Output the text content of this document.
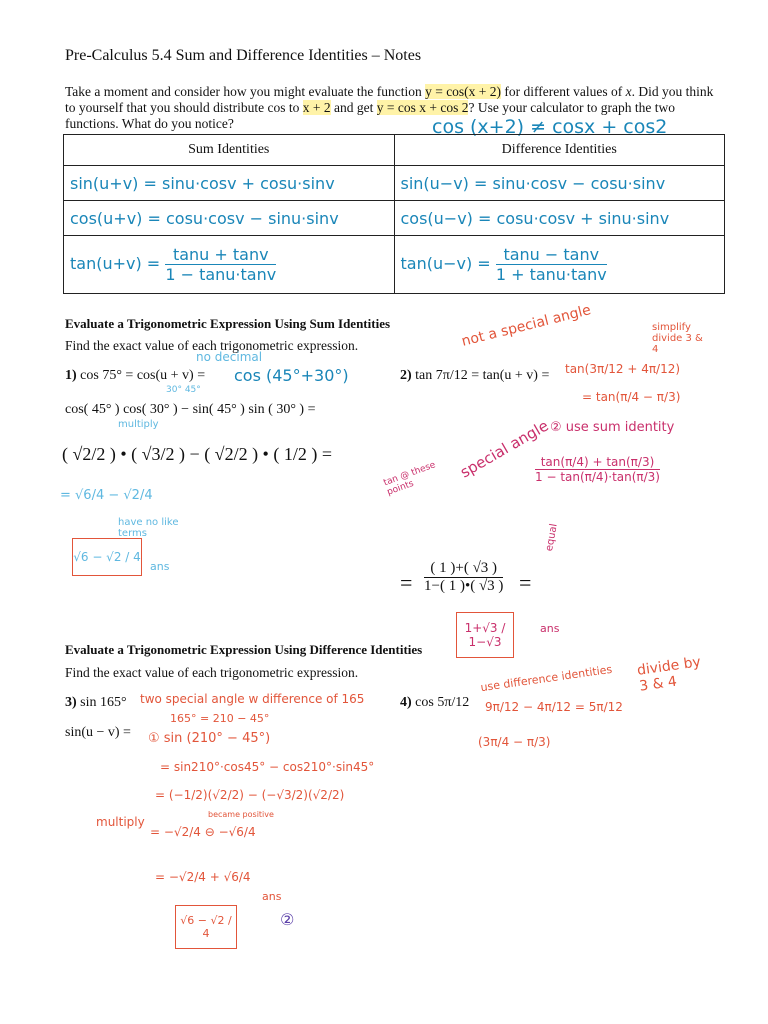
Pre-Calculus 5.4 Sum and Difference Identities – Notes
Take a moment and consider how you might evaluate the function y = cos(x + 2) for different values of x. Did you think to yourself that you should distribute cos to x + 2 and get y = cos x + cos 2? Use your calculator to graph the two functions. What do you notice?	cos (x+2) ≠ cosx + cos2
Sum Identities	Difference Identities
sin(u+v) = sinu·cosv + cosu·sinv	sin(u−v) = sinu·cosv − cosu·sinv
cos(u+v) = cosu·cosv − sinu·sinv	cos(u−v) = cosu·cosv + sinu·sinv
$\tan(u+v) = \frac{\tan u + \tan v}{1 - \tan u\cdot\tan v}$	$\tan(u-v) = \frac{\tan u - \tan v}{1 + \tan u\cdot\tan v}$
Evaluate a Trigonometric Expression Using Sum Identities
Find the exact value of each trigonometric expression.
no decimal
1) cos 75° = cos(u + v) = cos (45°+30°)
30° 45°
cos( 45° ) cos( 30° ) − sin( 45° ) sin ( 30° ) =
multiply
( √2/2 ) • ( √3/2 ) − ( √2/2 ) • ( 1/2 ) =
= √6/4 − √2/4
have no like terms
√6 − √2 / 4
ans
2) tan 7π/12 = tan(u + v) =
not a special angle	simplify divide 3 & 4
tan(3π/12 + 4π/12)
= tan(π/4 − π/3)
② use sum identity
special angle
tan @ these points
$\frac{\tan(\pi/4) + \tan(\pi/3)}{1 - \tan(\pi/4)\cdot\tan(\pi/3)}$
equal
= $\frac{( 1 )+( √3 )}{1-( 1 )•( √3 )}$ =
1+√3 / 1−√3
ans
Evaluate a Trigonometric Expression Using Difference Identities
Find the exact value of each trigonometric expression.
3) sin 165° two special angle w difference of 165
165° = 210 − 45°
sin(u − v) = ① sin (210° − 45°)
= sin210°·cos45° − cos210°·sin45°
= (−1/2)(√2/2) − (−√3/2)(√2/2)
multiply
= −√2/4 ⊖ −√6/4
became positive
= −√2/4 + √6/4
√6 − √2 / 4
ans
②
4) cos 5π/12
use difference identities divide by 3 & 4
9π/12 − 4π/12 = 5π/12
(3π/4 − π/3)
